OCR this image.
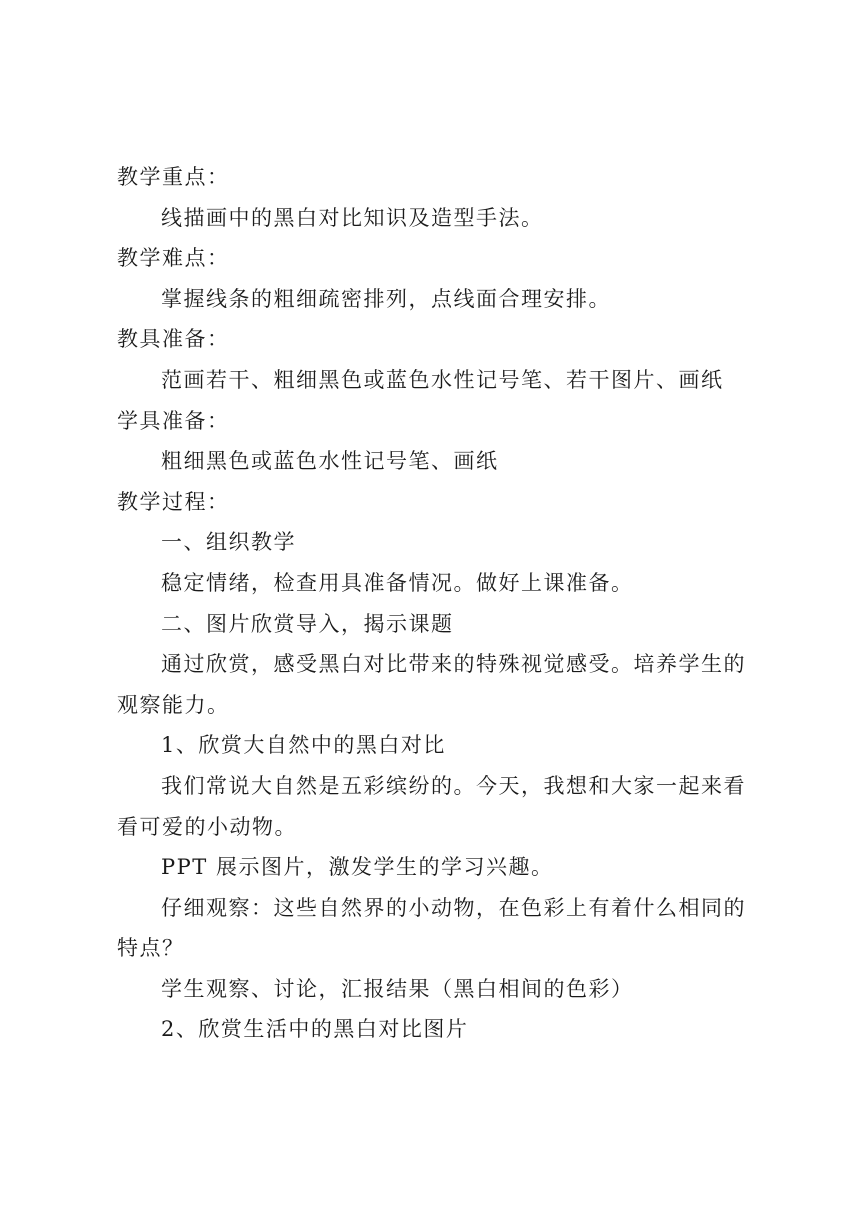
教学重点：
线描画中的黑白对比知识及造型手法。
教学难点：
掌握线条的粗细疏密排列，点线面合理安排。
教具准备：
范画若干、粗细黑色或蓝色水性记号笔、若干图片、画纸
学具准备：
粗细黑色或蓝色水性记号笔、画纸
教学过程：
一、组织教学
稳定情绪，检查用具准备情况。做好上课准备。
二、图片欣赏导入，揭示课题
通过欣赏，感受黑白对比带来的特殊视觉感受。培养学生的
观察能力。
1、欣赏大自然中的黑白对比
我们常说大自然是五彩缤纷的。今天，我想和大家一起来看
看可爱的小动物。
PPT 展示图片，激发学生的学习兴趣。
仔细观察：这些自然界的小动物，在色彩上有着什么相同的
特点？
学生观察、讨论，汇报结果（黑白相间的色彩）
2、欣赏生活中的黑白对比图片
